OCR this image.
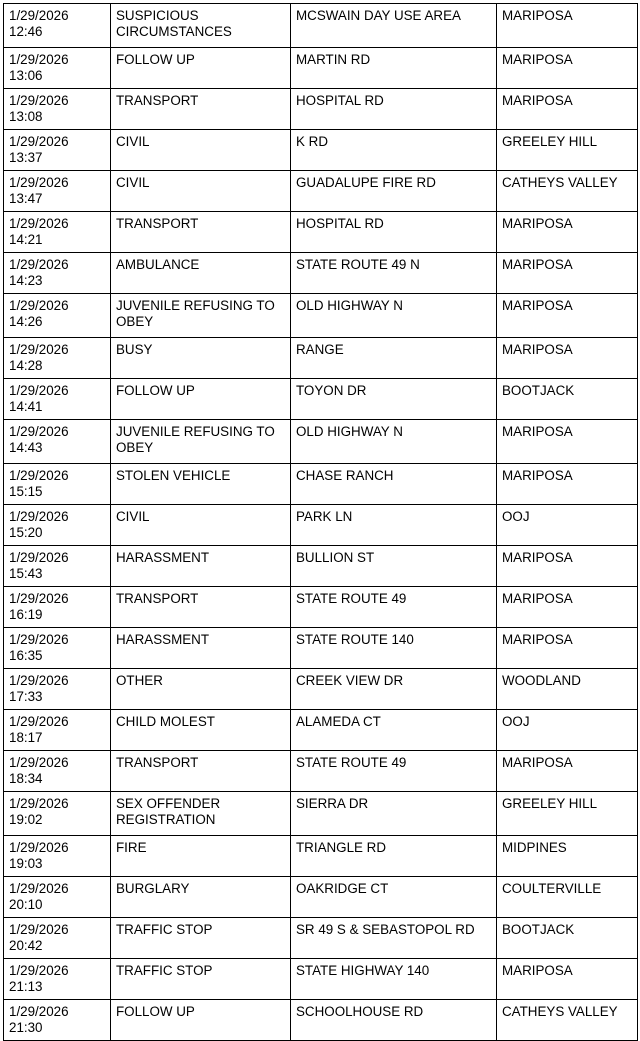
1/29/2026 12:46	SUSPICIOUS CIRCUMSTANCES	MCSWAIN DAY USE AREA	MARIPOSA
1/29/2026 13:06	FOLLOW UP	MARTIN RD	MARIPOSA
1/29/2026 13:08	TRANSPORT	HOSPITAL RD	MARIPOSA
1/29/2026 13:37	CIVIL	K RD	GREELEY HILL
1/29/2026 13:47	CIVIL	GUADALUPE FIRE RD	CATHEYS VALLEY
1/29/2026 14:21	TRANSPORT	HOSPITAL RD	MARIPOSA
1/29/2026 14:23	AMBULANCE	STATE ROUTE 49 N	MARIPOSA
1/29/2026 14:26	JUVENILE REFUSING TO OBEY	OLD HIGHWAY N	MARIPOSA
1/29/2026 14:28	BUSY	RANGE	MARIPOSA
1/29/2026 14:41	FOLLOW UP	TOYON DR	BOOTJACK
1/29/2026 14:43	JUVENILE REFUSING TO OBEY	OLD HIGHWAY N	MARIPOSA
1/29/2026 15:15	STOLEN VEHICLE	CHASE RANCH	MARIPOSA
1/29/2026 15:20	CIVIL	PARK LN	OOJ
1/29/2026 15:43	HARASSMENT	BULLION ST	MARIPOSA
1/29/2026 16:19	TRANSPORT	STATE ROUTE 49	MARIPOSA
1/29/2026 16:35	HARASSMENT	STATE ROUTE 140	MARIPOSA
1/29/2026 17:33	OTHER	CREEK VIEW DR	WOODLAND
1/29/2026 18:17	CHILD MOLEST	ALAMEDA CT	OOJ
1/29/2026 18:34	TRANSPORT	STATE ROUTE 49	MARIPOSA
1/29/2026 19:02	SEX OFFENDER REGISTRATION	SIERRA DR	GREELEY HILL
1/29/2026 19:03	FIRE	TRIANGLE RD	MIDPINES
1/29/2026 20:10	BURGLARY	OAKRIDGE CT	COULTERVILLE
1/29/2026 20:42	TRAFFIC STOP	SR 49 S & SEBASTOPOL RD	BOOTJACK
1/29/2026 21:13	TRAFFIC STOP	STATE HIGHWAY 140	MARIPOSA
1/29/2026 21:30	FOLLOW UP	SCHOOLHOUSE RD	CATHEYS VALLEY
